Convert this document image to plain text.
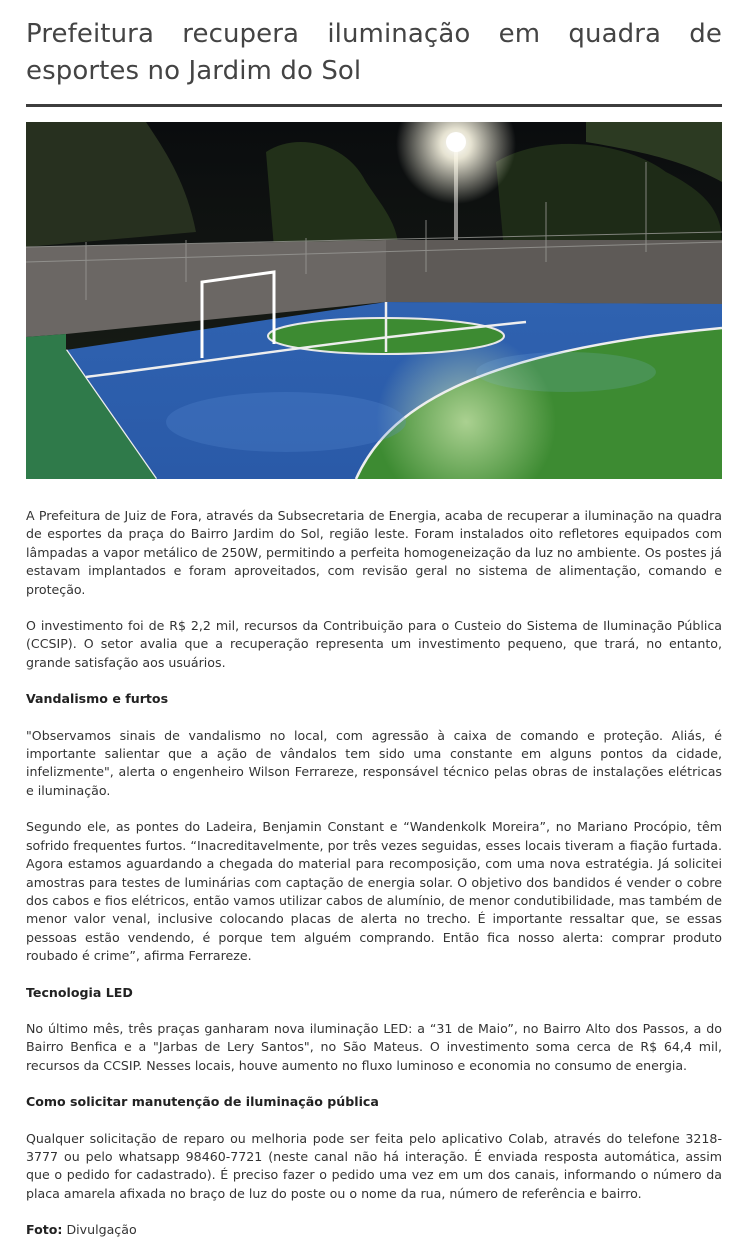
Prefeitura recupera iluminação em quadra de esportes no Jardim do Sol

A Prefeitura de Juiz de Fora, através da Subsecretaria de Energia, acaba de recuperar a iluminação na quadra de esportes da praça do Bairro Jardim do Sol, região leste. Foram instalados oito refletores equipados com lâmpadas a vapor metálico de 250W, permitindo a perfeita homogeneização da luz no ambiente. Os postes já estavam implantados e foram aproveitados, com revisão geral no sistema de alimentação, comando e proteção.

O investimento foi de R$ 2,2 mil, recursos da Contribuição para o Custeio do Sistema de Iluminação Pública (CCSIP). O setor avalia que a recuperação representa um investimento pequeno, que trará, no entanto, grande satisfação aos usuários.

Vandalismo e furtos

"Observamos sinais de vandalismo no local, com agressão à caixa de comando e proteção. Aliás, é importante salientar que a ação de vândalos tem sido uma constante em alguns pontos da cidade, infelizmente", alerta o engenheiro Wilson Ferrareze, responsável técnico pelas obras de instalações elétricas e iluminação.

Segundo ele, as pontes do Ladeira, Benjamin Constant e “Wandenkolk Moreira”, no Mariano Procópio, têm sofrido frequentes furtos. “Inacreditavelmente, por três vezes seguidas, esses locais tiveram a fiação furtada. Agora estamos aguardando a chegada do material para recomposição, com uma nova estratégia. Já solicitei amostras para testes de luminárias com captação de energia solar. O objetivo dos bandidos é vender o cobre dos cabos e fios elétricos, então vamos utilizar cabos de alumínio, de menor condutibilidade, mas também de menor valor venal, inclusive colocando placas de alerta no trecho. É importante ressaltar que, se essas pessoas estão vendendo, é porque tem alguém comprando. Então fica nosso alerta: comprar produto roubado é crime”, afirma Ferrareze.

Tecnologia LED

No último mês, três praças ganharam nova iluminação LED: a “31 de Maio”, no Bairro Alto dos Passos, a do Bairro Benfica e a "Jarbas de Lery Santos", no São Mateus. O investimento soma cerca de R$ 64,4 mil, recursos da CCSIP. Nesses locais, houve aumento no fluxo luminoso e economia no consumo de energia.

Como solicitar manutenção de iluminação pública

Qualquer solicitação de reparo ou melhoria pode ser feita pelo aplicativo Colab, através do telefone 3218-3777 ou pelo whatsapp 98460-7721 (neste canal não há interação. É enviada resposta automática, assim que o pedido for cadastrado). É preciso fazer o pedido uma vez em um dos canais, informando o número da placa amarela afixada no braço de luz do poste ou o nome da rua, número de referência e bairro.

Foto: Divulgação
